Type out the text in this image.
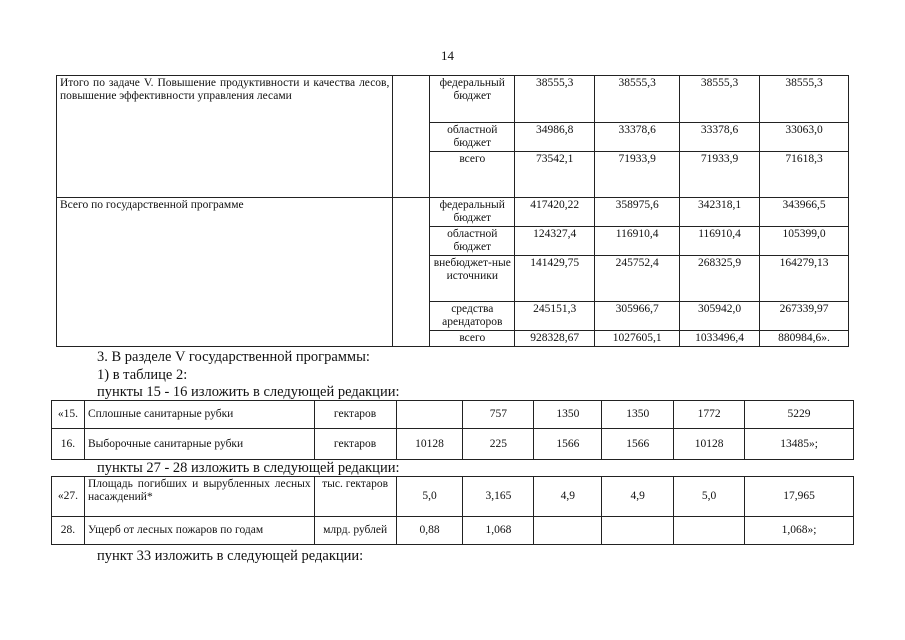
14
Итого по задаче V. Повышение продуктивности и качества лесов, повышение эффективности управления лесами		федеральный бюджет	38555,3	38555,3	38555,3	38555,3
		областной бюджет	34986,8	33378,6	33378,6	33063,0
		всего	73542,1	71933,9	71933,9	71618,3
Всего по государственной программе		федеральный бюджет	417420,22	358975,6	342318,1	343966,5
		областной бюджет	124327,4	116910,4	116910,4	105399,0
		внебюджет-ные источники	141429,75	245752,4	268325,9	164279,13
		средства арендаторов	245151,3	305966,7	305942,0	267339,97
		всего	928328,67	1027605,1	1033496,4	880984,6».
3. В разделе V государственной программы:
1) в таблице 2:
пункты 15 - 16 изложить в следующей редакции:
«15.	Сплошные санитарные рубки	гектаров		757	1350	1350	1772	5229
16.	Выборочные санитарные рубки	гектаров	10128	225	1566	1566	10128	13485»;
пункты 27 - 28 изложить в следующей редакции:
«27.	Площадь погибших и вырубленных лесных насаждений*	тыс. гектаров	5,0	3,165	4,9	4,9	5,0	17,965
28.	Ущерб от лесных пожаров по годам	млрд. рублей	0,88	1,068				1,068»;
пункт 33 изложить в следующей редакции:
